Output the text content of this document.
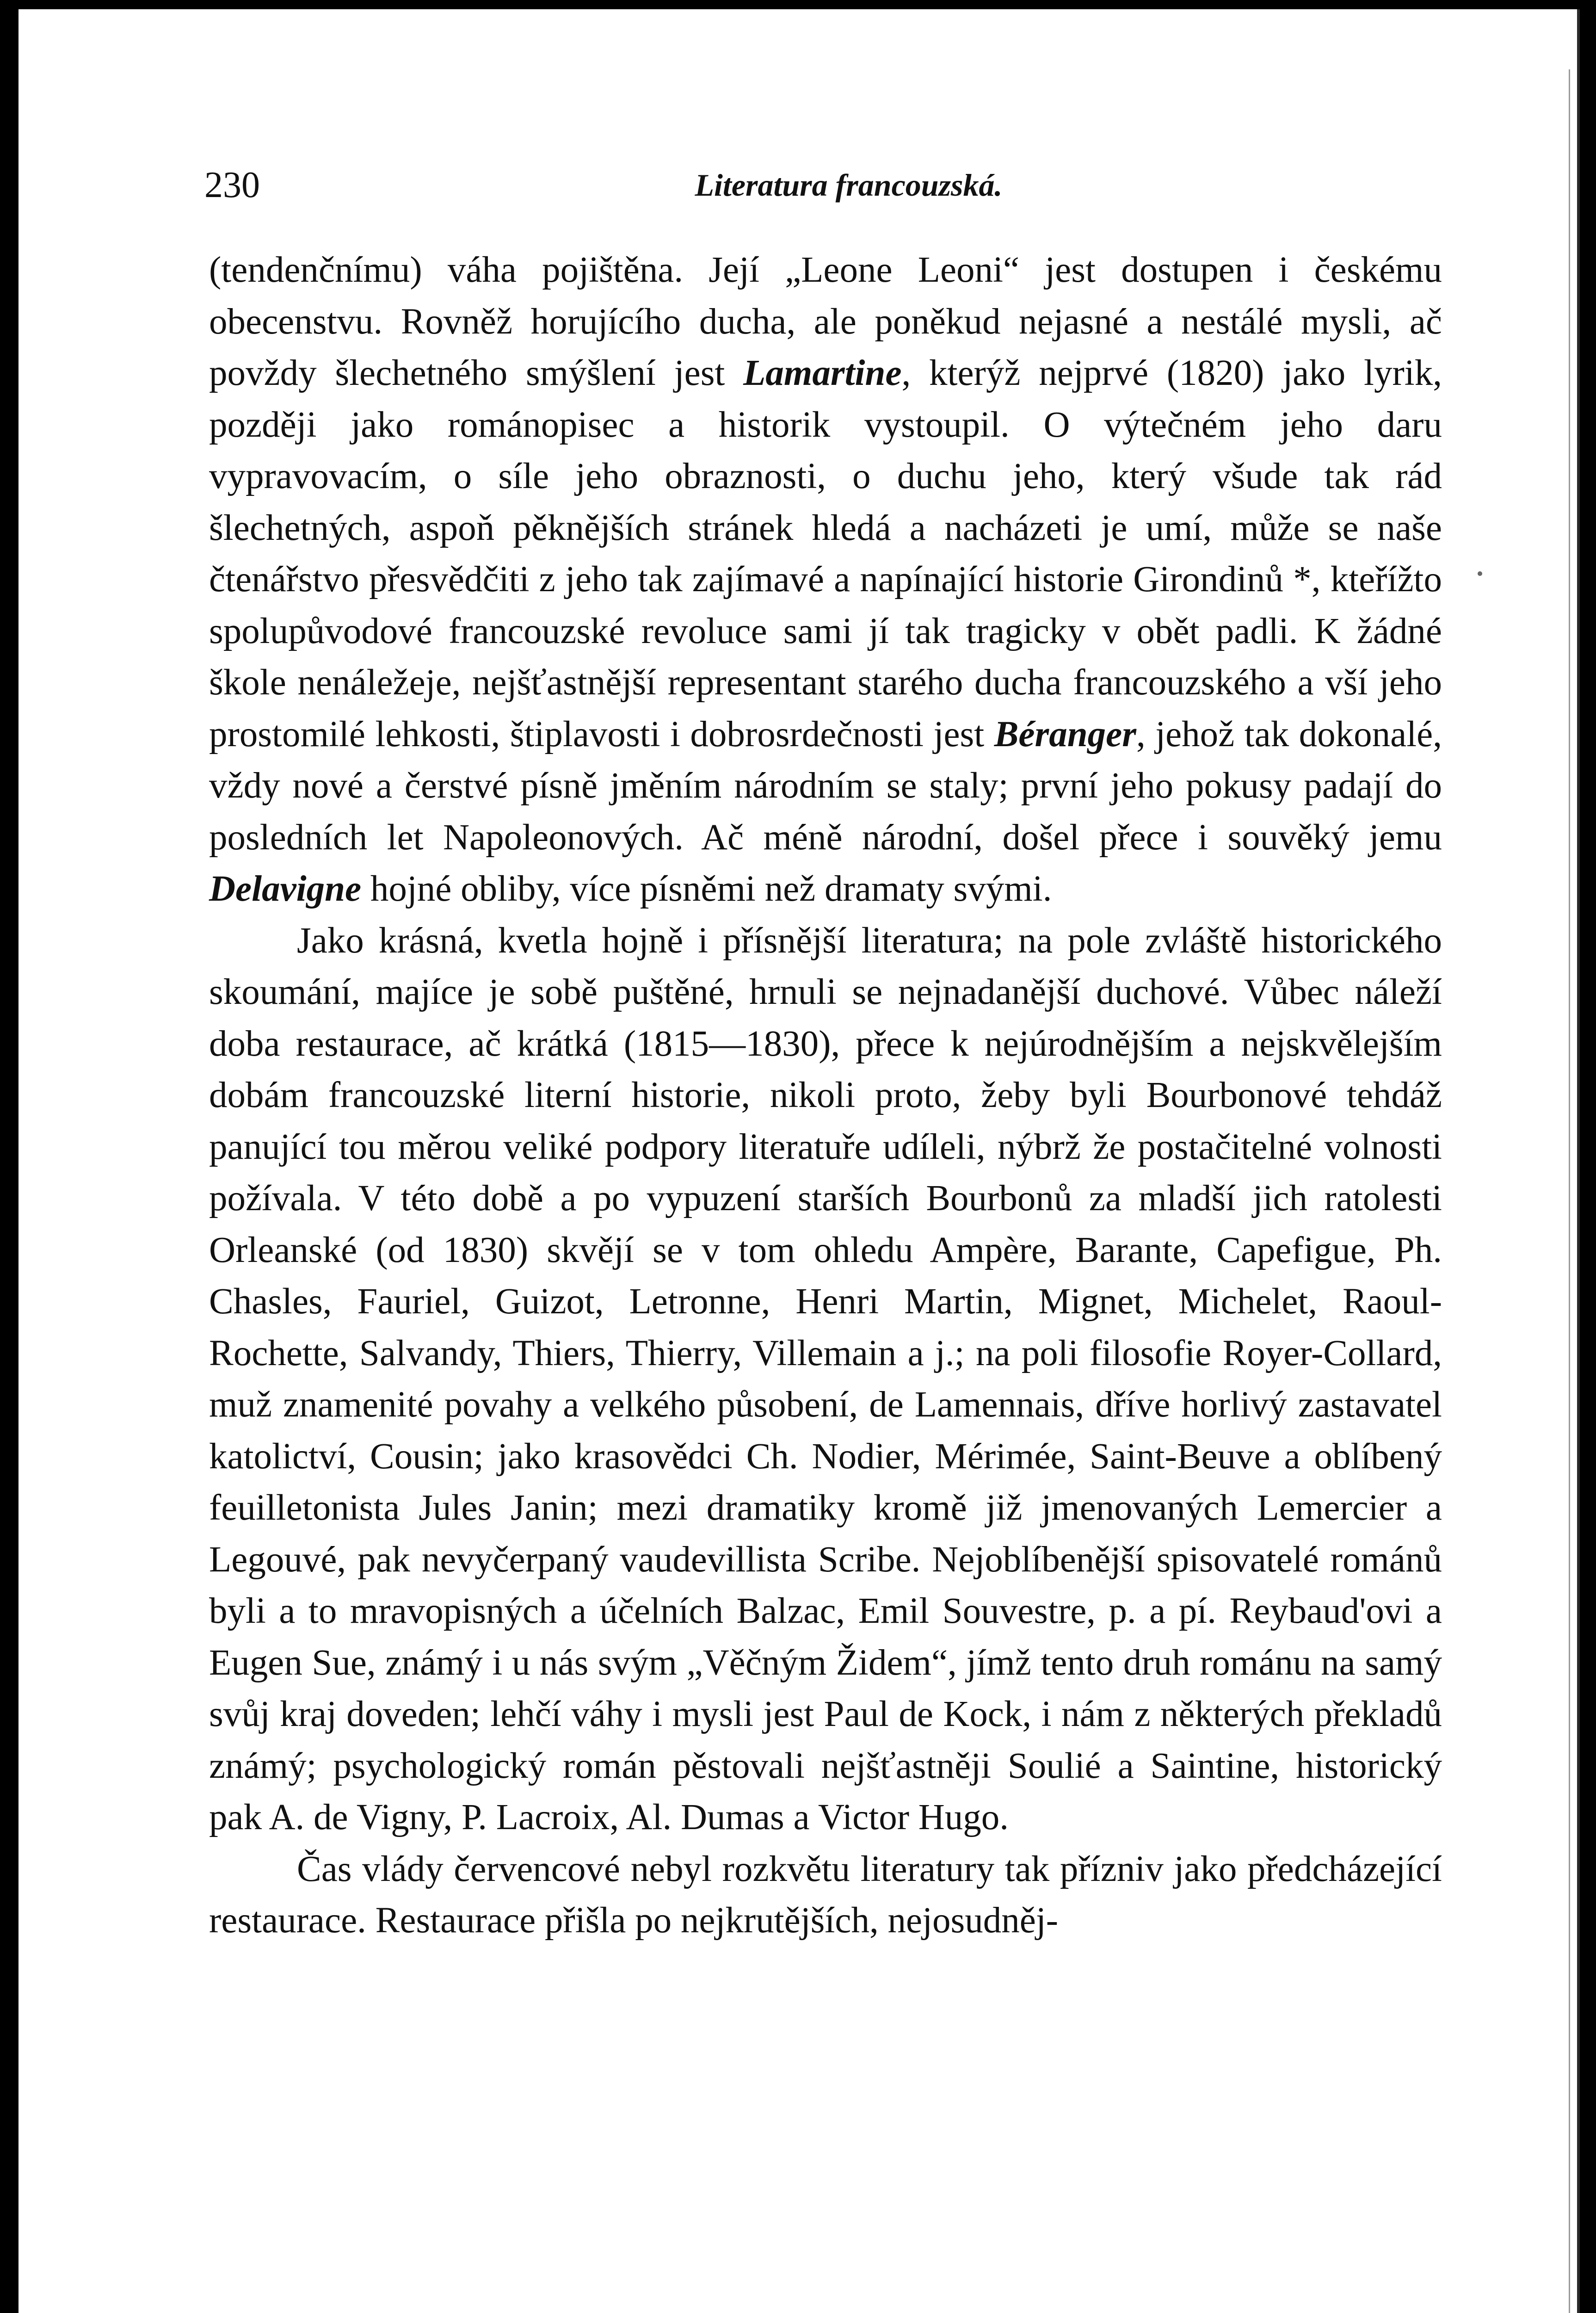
230	Literatura francouzská.

(tendenčnímu) váha pojištěna. Její „Leone Leoni“ jest dostupen i českému obecenstvu. Rovněž horujícího ducha, ale poněkud nejasné a nestálé mysli, ač povždy šlechetného smýšlení jest Lamartine, kterýž nejprvé (1820) jako lyrik, později jako románopisec a historik vystoupil. O výtečném jeho daru vypravovacím, o síle jeho obraznosti, o duchu jeho, který všude tak rád šlechetných, aspoň pěknějších stránek hledá a nacházeti je umí, může se naše čtenářstvo přesvědčiti z jeho tak zajímavé a napínající historie Girondinů *, kteřížto spolupůvodové francouzské revoluce sami jí tak tragicky v obět padli. K žádné škole nenáležeje, nejšťastnější representant starého ducha francouzského a vší jeho prostomilé lehkosti, štiplavosti i dobrosrdečnosti jest Béranger, jehož tak dokonalé, vždy nové a čerstvé písně jměním národním se staly; první jeho pokusy padají do posledních let Napoleonových. Ač méně národní, došel přece i souvěký jemu Delavigne hojné obliby, více písněmi než dramaty svými.

Jako krásná, kvetla hojně i přísnější literatura; na pole zvláště historického skoumání, majíce je sobě puštěné, hrnuli se nejnadanější duchové. Vůbec náleží doba restaurace, ač krátká (1815—1830), přece k nejúrodnějším a nejskvělejším dobám francouzské literní historie, nikoli proto, žeby byli Bourbonové tehdáž panující tou měrou veliké podpory literatuře udíleli, nýbrž že postačitelné volnosti požívala. V této době a po vypuzení starších Bourbonů za mladší jich ratolesti Orleanské (od 1830) skvějí se v tom ohledu Ampère, Barante, Capefigue, Ph. Chasles, Fauriel, Guizot, Letronne, Henri Martin, Mignet, Michelet, Raoul-Rochette, Salvandy, Thiers, Thierry, Villemain a j.; na poli filosofie Royer-Collard, muž znamenité povahy a velkého působení, de Lamennais, dříve horlivý zastavatel katolictví, Cousin; jako krasovědci Ch. Nodier, Mérimée, Saint-Beuve a oblíbený feuilletonista Jules Janin; mezi dramatiky kromě již jmenovaných Lemercier a Legouvé, pak nevyčerpaný vaudevillista Scribe. Nejoblíbenější spisovatelé románů byli a to mravopisných a účelních Balzac, Emil Souvestre, p. a pí. Reybaud'ovi a Eugen Sue, známý i u nás svým „Věčným Židem“, jímž tento druh románu na samý svůj kraj doveden; lehčí váhy i mysli jest Paul de Kock, i nám z některých překladů známý; psychologický román pěstovali nejšťastněji Soulié a Saintine, historický pak A. de Vigny, P. Lacroix, Al. Dumas a Victor Hugo.

Čas vlády červencové nebyl rozkvětu literatury tak přízniv jako předcházející restaurace. Restaurace přišla po nejkrutějších, nejosudněj-
